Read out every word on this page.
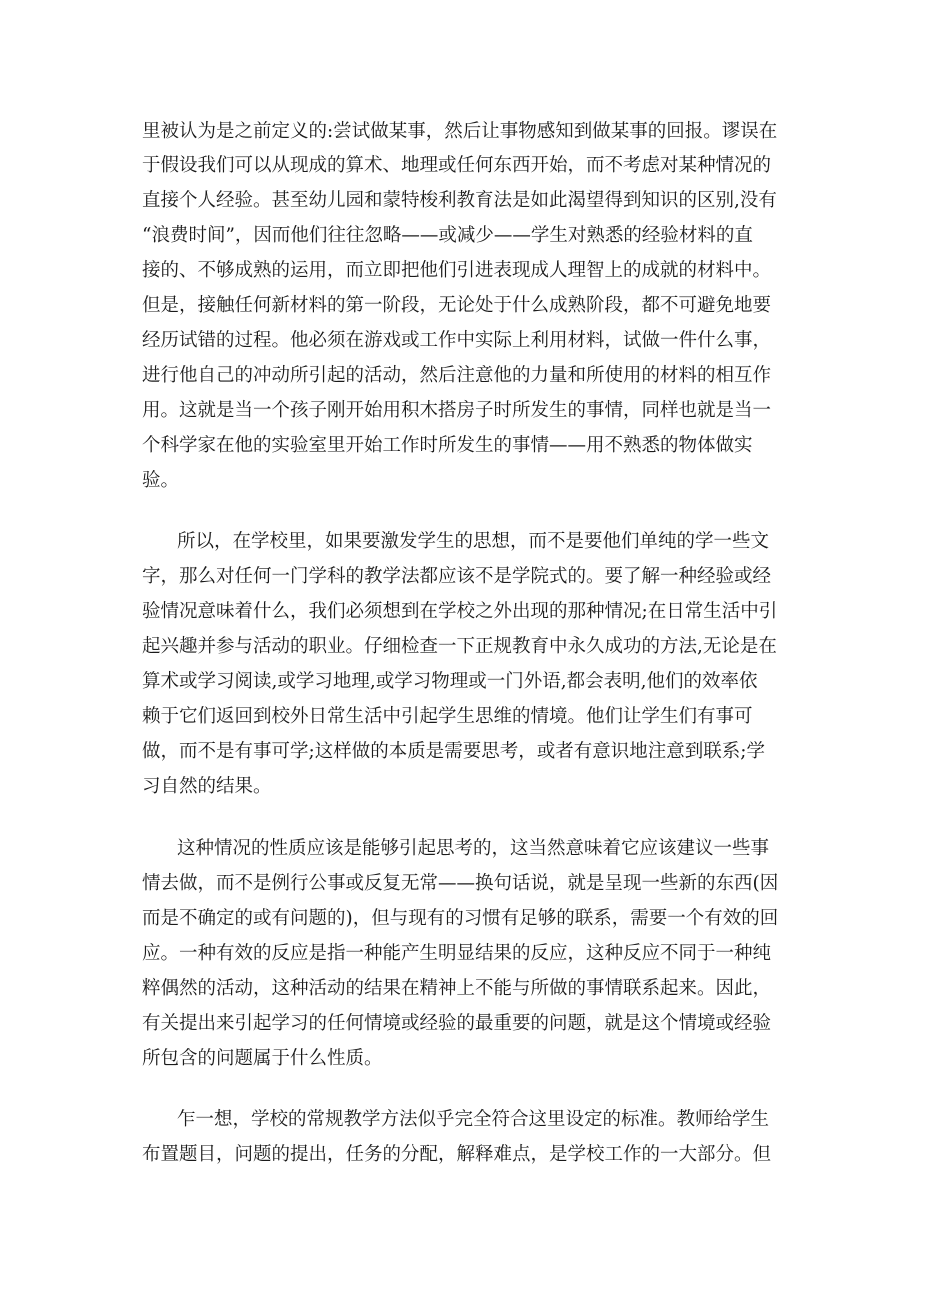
里被认为是之前定义的:尝试做某事，然后让事物感知到做某事的回报。谬误在

于假设我们可以从现成的算术、地理或任何东西开始，而不考虑对某种情况的

直接个人经验。甚至幼儿园和蒙特梭利教育法是如此渴望得到知识的区别,没有

“浪费时间”，因而他们往往忽略——或减少——学生对熟悉的经验材料的直

接的、不够成熟的运用，而立即把他们引进表现成人理智上的成就的材料中。

但是，接触任何新材料的第一阶段，无论处于什么成熟阶段，都不可避免地要

经历试错的过程。他必须在游戏或工作中实际上利用材料，试做一件什么事，

进行他自己的冲动所引起的活动，然后注意他的力量和所使用的材料的相互作

用。这就是当一个孩子刚开始用积木搭房子时所发生的事情，同样也就是当一

个科学家在他的实验室里开始工作时所发生的事情——用不熟悉的物体做实

验。

所以，在学校里，如果要激发学生的思想，而不是要他们单纯的学一些文

字，那么对任何一门学科的教学法都应该不是学院式的。要了解一种经验或经

验情况意味着什么，我们必须想到在学校之外出现的那种情况;在日常生活中引

起兴趣并参与活动的职业。仔细检查一下正规教育中永久成功的方法,无论是在

算术或学习阅读,或学习地理,或学习物理或一门外语,都会表明,他们的效率依

赖于它们返回到校外日常生活中引起学生思维的情境。他们让学生们有事可

做，而不是有事可学;这样做的本质是需要思考，或者有意识地注意到联系;学

习自然的结果。

这种情况的性质应该是能够引起思考的，这当然意味着它应该建议一些事

情去做，而不是例行公事或反复无常——换句话说，就是呈现一些新的东西(因

而是不确定的或有问题的)，但与现有的习惯有足够的联系，需要一个有效的回

应。一种有效的反应是指一种能产生明显结果的反应，这种反应不同于一种纯

粹偶然的活动，这种活动的结果在精神上不能与所做的事情联系起来。因此，

有关提出来引起学习的任何情境或经验的最重要的问题，就是这个情境或经验

所包含的问题属于什么性质。

乍一想，学校的常规教学方法似乎完全符合这里设定的标准。教师给学生

布置题目，问题的提出，任务的分配，解释难点，是学校工作的一大部分。但
